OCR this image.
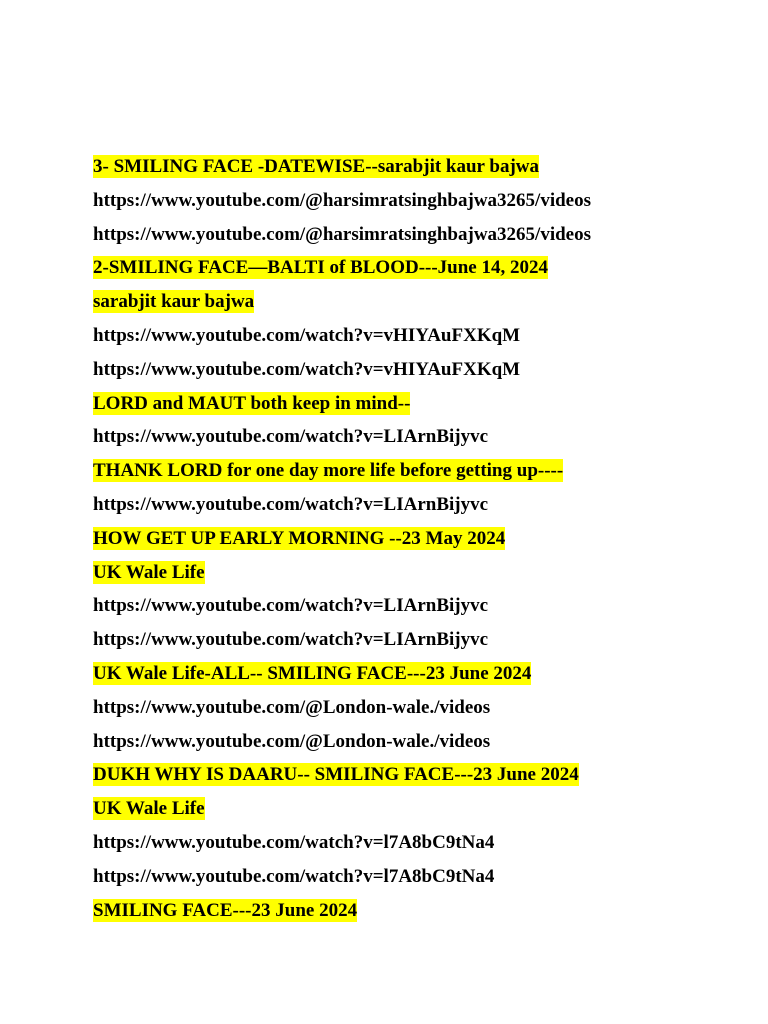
3- SMILING FACE -DATEWISE--sarabjit kaur bajwa
https://www.youtube.com/@harsimratsinghbajwa3265/videos
https://www.youtube.com/@harsimratsinghbajwa3265/videos
2-SMILING FACE—BALTI of BLOOD---June 14, 2024
sarabjit kaur bajwa
https://www.youtube.com/watch?v=vHIYAuFXKqM
https://www.youtube.com/watch?v=vHIYAuFXKqM
LORD and MAUT both keep in mind--
https://www.youtube.com/watch?v=LIArnBijyvc
THANK LORD for one day more life before getting up----
https://www.youtube.com/watch?v=LIArnBijyvc
HOW GET UP EARLY MORNING --23 May 2024
UK Wale Life
https://www.youtube.com/watch?v=LIArnBijyvc
https://www.youtube.com/watch?v=LIArnBijyvc
UK Wale Life-ALL-- SMILING FACE---23 June 2024
https://www.youtube.com/@London-wale./videos
https://www.youtube.com/@London-wale./videos
DUKH WHY IS DAARU-- SMILING FACE---23 June 2024
UK Wale Life
https://www.youtube.com/watch?v=l7A8bC9tNa4
https://www.youtube.com/watch?v=l7A8bC9tNa4
SMILING FACE---23 June 2024
